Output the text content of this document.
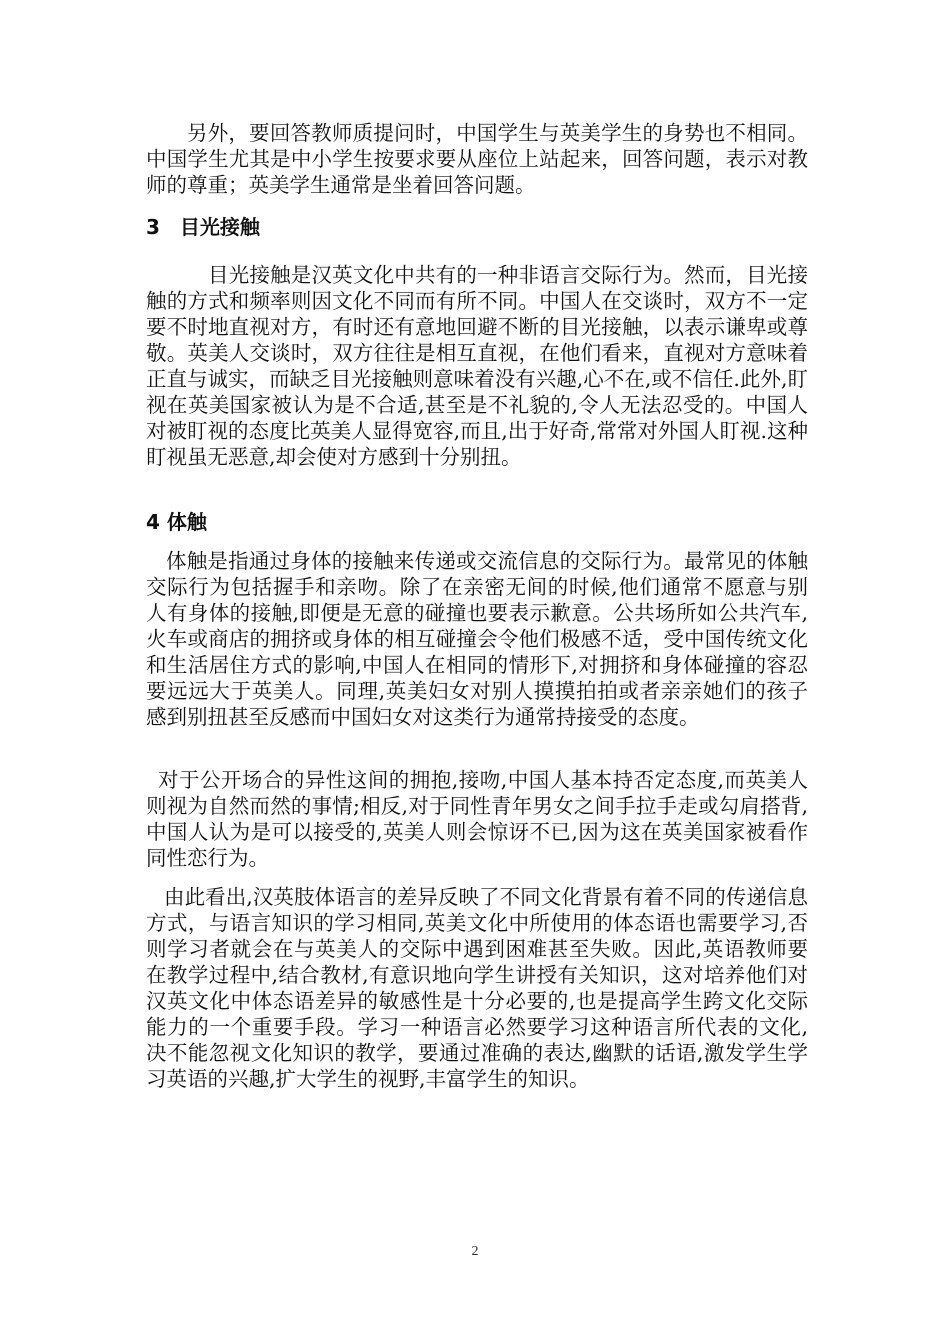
另外，要回答教师质提问时，中国学生与英美学生的身势也不相同。中国学生尤其是中小学生按要求要从座位上站起来，回答问题，表示对教师的尊重；英美学生通常是坐着回答问题。

3　目光接触

目光接触是汉英文化中共有的一种非语言交际行为。然而，目光接触的方式和频率则因文化不同而有所不同。中国人在交谈时，双方不一定要不时地直视对方，有时还有意地回避不断的目光接触，以表示谦卑或尊敬。英美人交谈时，双方往往是相互直视，在他们看来，直视对方意味着正直与诚实，而缺乏目光接触则意味着没有兴趣,心不在,或不信任.此外,盯视在英美国家被认为是不合适,甚至是不礼貌的,令人无法忍受的。中国人对被盯视的态度比英美人显得宽容,而且,出于好奇,常常对外国人盯视.这种盯视虽无恶意,却会使对方感到十分别扭。

4 体触

体触是指通过身体的接触来传递或交流信息的交际行为。最常见的体触交际行为包括握手和亲吻。除了在亲密无间的时候,他们通常不愿意与别人有身体的接触,即便是无意的碰撞也要表示歉意。公共场所如公共汽车,火车或商店的拥挤或身体的相互碰撞会令他们极感不适，受中国传统文化和生活居住方式的影响,中国人在相同的情形下,对拥挤和身体碰撞的容忍要远远大于英美人。同理,英美妇女对别人摸摸拍拍或者亲亲她们的孩子感到别扭甚至反感而中国妇女对这类行为通常持接受的态度。

对于公开场合的异性这间的拥抱,接吻,中国人基本持否定态度,而英美人则视为自然而然的事情;相反,对于同性青年男女之间手拉手走或勾肩搭背,中国人认为是可以接受的,英美人则会惊讶不已,因为这在英美国家被看作同性恋行为。

由此看出,汉英肢体语言的差异反映了不同文化背景有着不同的传递信息方式，与语言知识的学习相同,英美文化中所使用的体态语也需要学习,否则学习者就会在与英美人的交际中遇到困难甚至失败。因此,英语教师要在教学过程中,结合教材,有意识地向学生讲授有关知识，这对培养他们对汉英文化中体态语差异的敏感性是十分必要的,也是提高学生跨文化交际能力的一个重要手段。学习一种语言必然要学习这种语言所代表的文化,决不能忽视文化知识的教学，要通过准确的表达,幽默的话语,激发学生学习英语的兴趣,扩大学生的视野,丰富学生的知识。

2
